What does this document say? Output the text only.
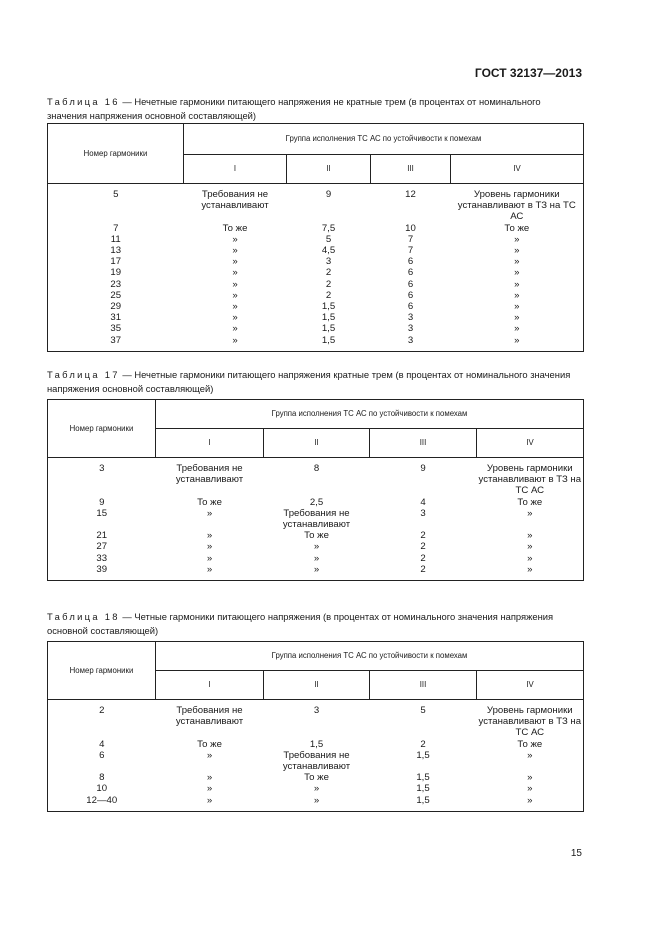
ГОСТ 32137—2013
Таблица 16 — Нечетные гармоники питающего напряжения не кратные трем (в процентах от номинального значения напряжения основной составляющей)
Номер гармоники	Группа исполнения ТС АС по устойчивости к помехам			
	I	II	III	IV
5	Требования не устанавливают	9	12	Уровень гармоники устанавливают в ТЗ на ТС АС
7	То же	7,5	10	То же
11	»	5	7	»
13	»	4,5	7	»
17	»	3	6	»
19	»	2	6	»
23	»	2	6	»
25	»	2	6	»
29	»	1,5	6	»
31	»	1,5	3	»
35	»	1,5	3	»
37	»	1,5	3	»
Таблица 17 — Нечетные гармоники питающего напряжения кратные трем (в процентах от номинального значения напряжения основной составляющей)
Номер гармоники	Группа исполнения ТС АС по устойчивости к помехам			
	I	II	III	IV
3	Требования не устанавливают	8	9	Уровень гармоники устанавливают в ТЗ на ТС АС
9	То же	2,5	4	То же
15	»	Требования не устанавливают	3	»
21	»	То же	2	»
27	»	»	2	»
33	»	»	2	»
39	»	»	2	»
Таблица 18 — Четные гармоники питающего напряжения (в процентах от номинального значения напряжения основной составляющей)
Номер гармоники	Группа исполнения ТС АС по устойчивости к помехам			
	I	II	III	IV
2	Требования не устанавливают	3	5	Уровень гармоники устанавливают в ТЗ на ТС АС
4	То же	1,5	2	То же
6	»	Требования не устанавливают	1,5	»
8	»	То же	1,5	»
10	»	»	1,5	»
12—40	»	»	1,5	»
15
